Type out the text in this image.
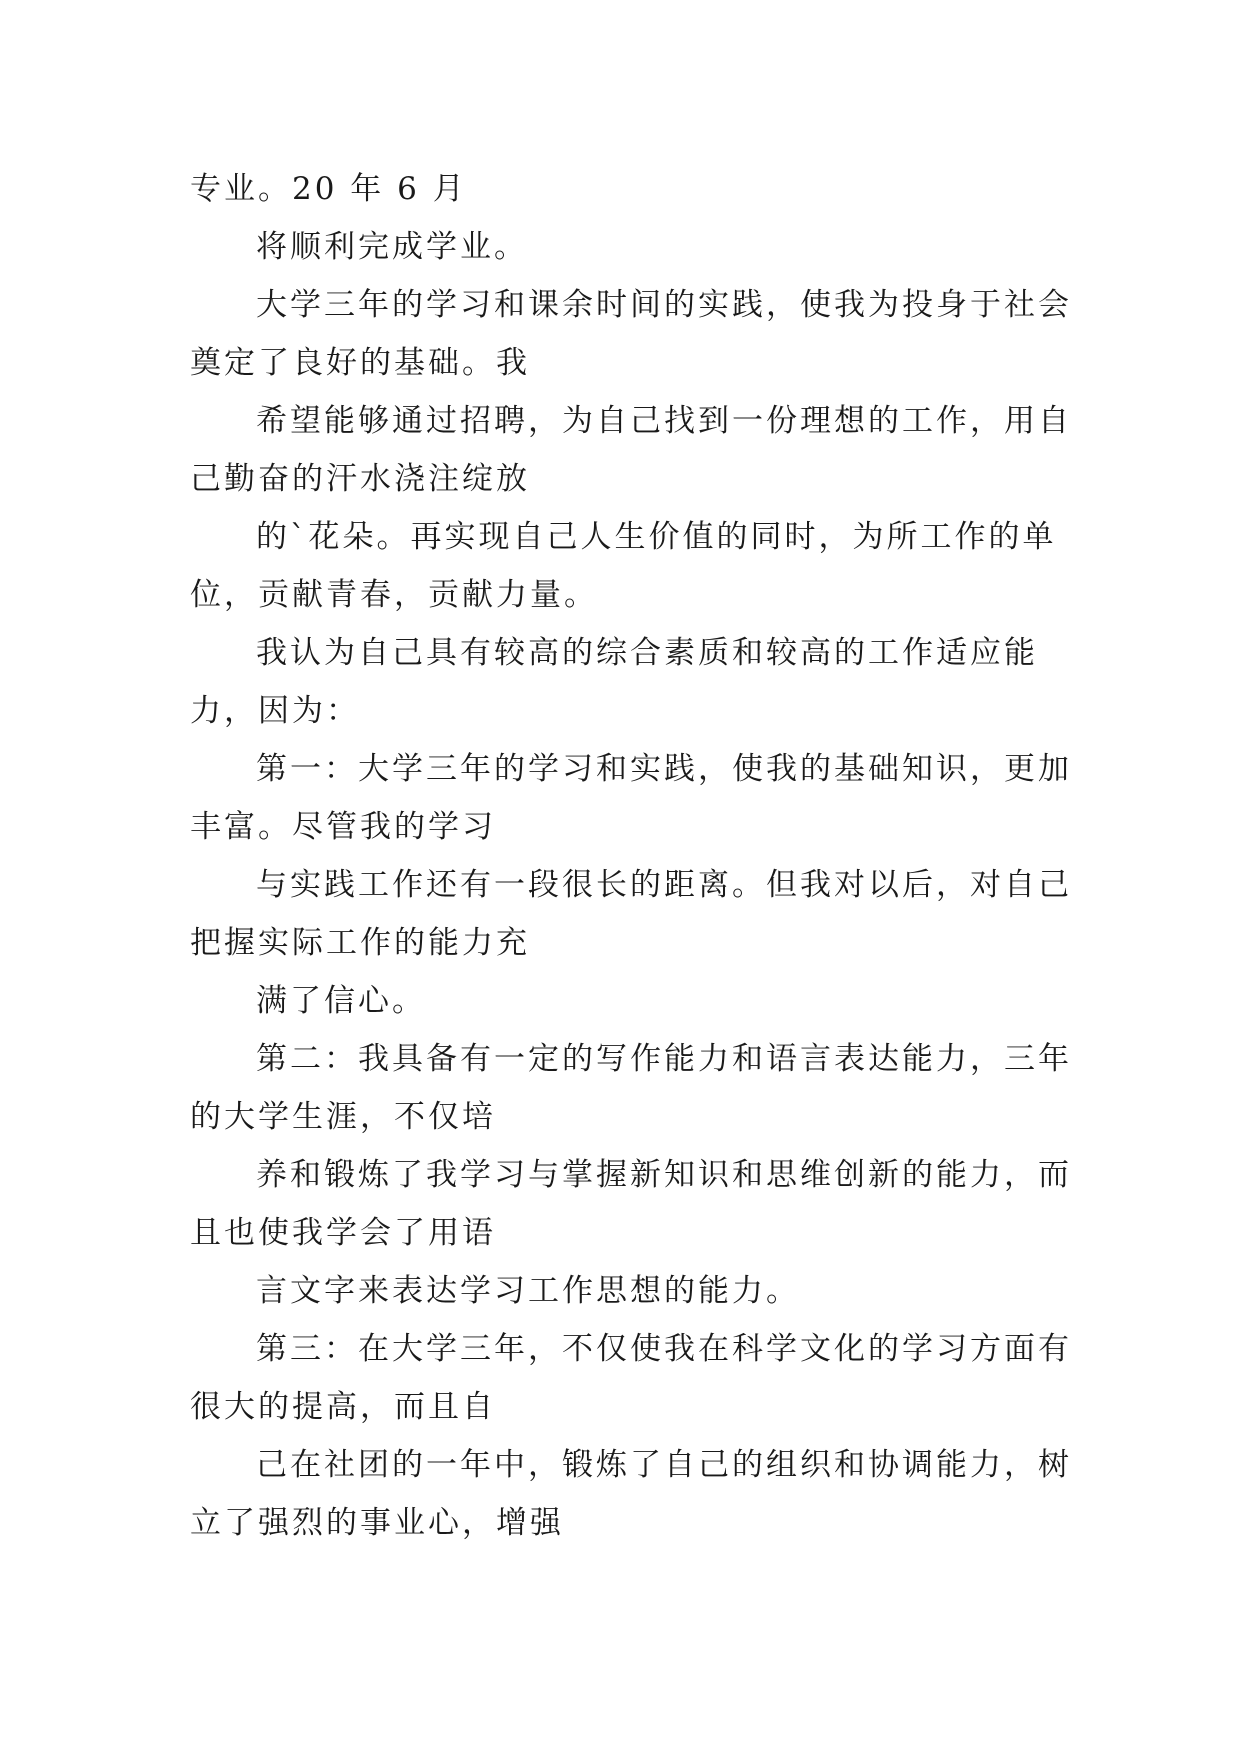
专业。20 年 6 月
将顺利完成学业。
大学三年的学习和课余时间的实践，使我为投身于社会
奠定了良好的基础。我
希望能够通过招聘，为自己找到一份理想的工作，用自
己勤奋的汗水浇注绽放
的`花朵。再实现自己人生价值的同时，为所工作的单
位，贡献青春，贡献力量。
我认为自己具有较高的综合素质和较高的工作适应能
力，因为：
第一：大学三年的学习和实践，使我的基础知识，更加
丰富。尽管我的学习
与实践工作还有一段很长的距离。但我对以后，对自己
把握实际工作的能力充
满了信心。
第二：我具备有一定的写作能力和语言表达能力，三年
的大学生涯，不仅培
养和锻炼了我学习与掌握新知识和思维创新的能力，而
且也使我学会了用语
言文字来表达学习工作思想的能力。
第三：在大学三年，不仅使我在科学文化的学习方面有
很大的提高，而且自
己在社团的一年中，锻炼了自己的组织和协调能力，树
立了强烈的事业心，增强
